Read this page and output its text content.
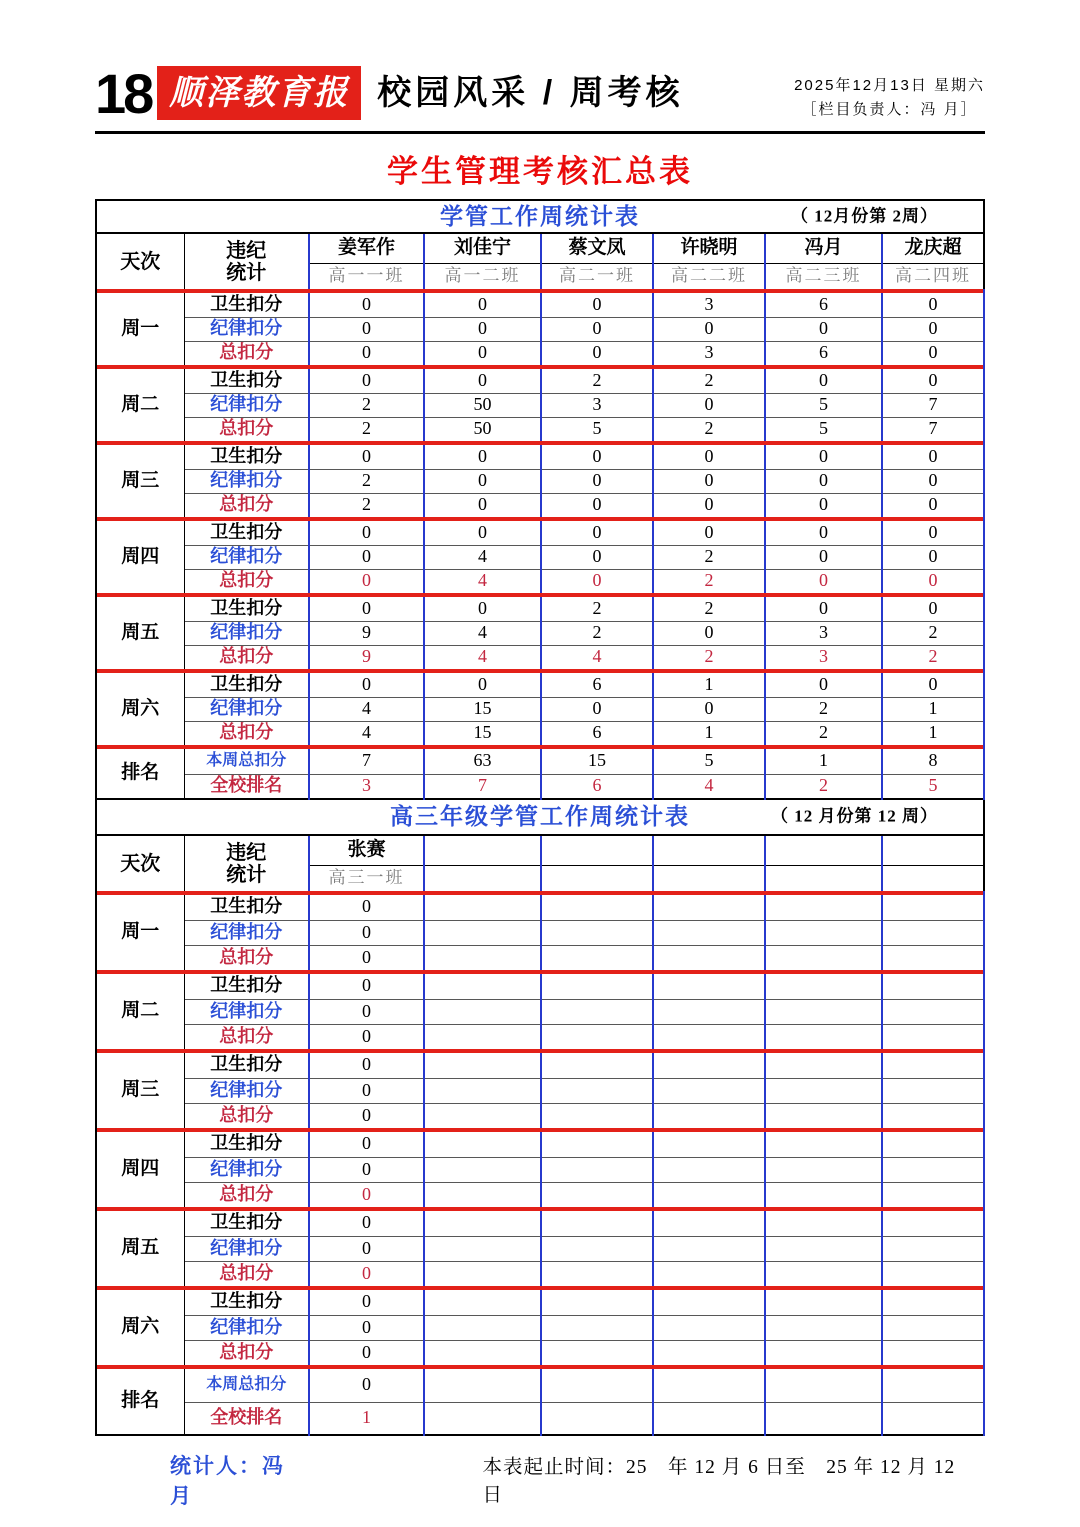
18 顺泽教育报 校园风采 / 周考核	2025年12月13日 星期六
［栏目负责人：冯 月］
学生管理考核汇总表
学管工作周统计表 （ 12月份第 2周）							

天次	违纪
统计	姜军作	刘佳宁	蔡文凤	许晓明	冯月	龙庆超
		高一一班	高一二班	高二一班	高二二班	高二三班	高二四班

周一	卫生扣分	0	0	0	3	6	0
	纪律扣分	0	0	0	0	0	0
	总扣分	0	0	0	3	6	0

周二	卫生扣分	0	0	2	2	0	0
	纪律扣分	2	50	3	0	5	7
	总扣分	2	50	5	2	5	7

周三	卫生扣分	0	0	0	0	0	0
	纪律扣分	2	0	0	0	0	0
	总扣分	2	0	0	0	0	0

周四	卫生扣分	0	0	0	0	0	0
	纪律扣分	0	4	0	2	0	0
	总扣分	0	4	0	2	0	0

周五	卫生扣分	0	0	2	2	0	0
	纪律扣分	9	4	2	0	3	2
	总扣分	9	4	4	2	3	2

周六	卫生扣分	0	0	6	1	0	0
	纪律扣分	4	15	0	0	2	1
	总扣分	4	15	6	1	2	1

排名	本周总扣分	7	63	15	5	1	8
	全校排名	3	7	6	4	2	5
高三年级学管工作周统计表 （ 12 月份第 12 周）							

天次	违纪
统计	张赛					
		高三一班					

周一	卫生扣分	0					
	纪律扣分	0					
	总扣分	0					

周二	卫生扣分	0					
	纪律扣分	0					
	总扣分	0					

周三	卫生扣分	0					
	纪律扣分	0					
	总扣分	0					

周四	卫生扣分	0					
	纪律扣分	0					
	总扣分	0					

周五	卫生扣分	0					
	纪律扣分	0					
	总扣分	0					

周六	卫生扣分	0					
	纪律扣分	0					
	总扣分	0					

排名	本周总扣分	0					
	全校排名	1					
统计人：冯　月
本表起止时间：25　年 12 月 6 日至　25 年 12 月 12　日
